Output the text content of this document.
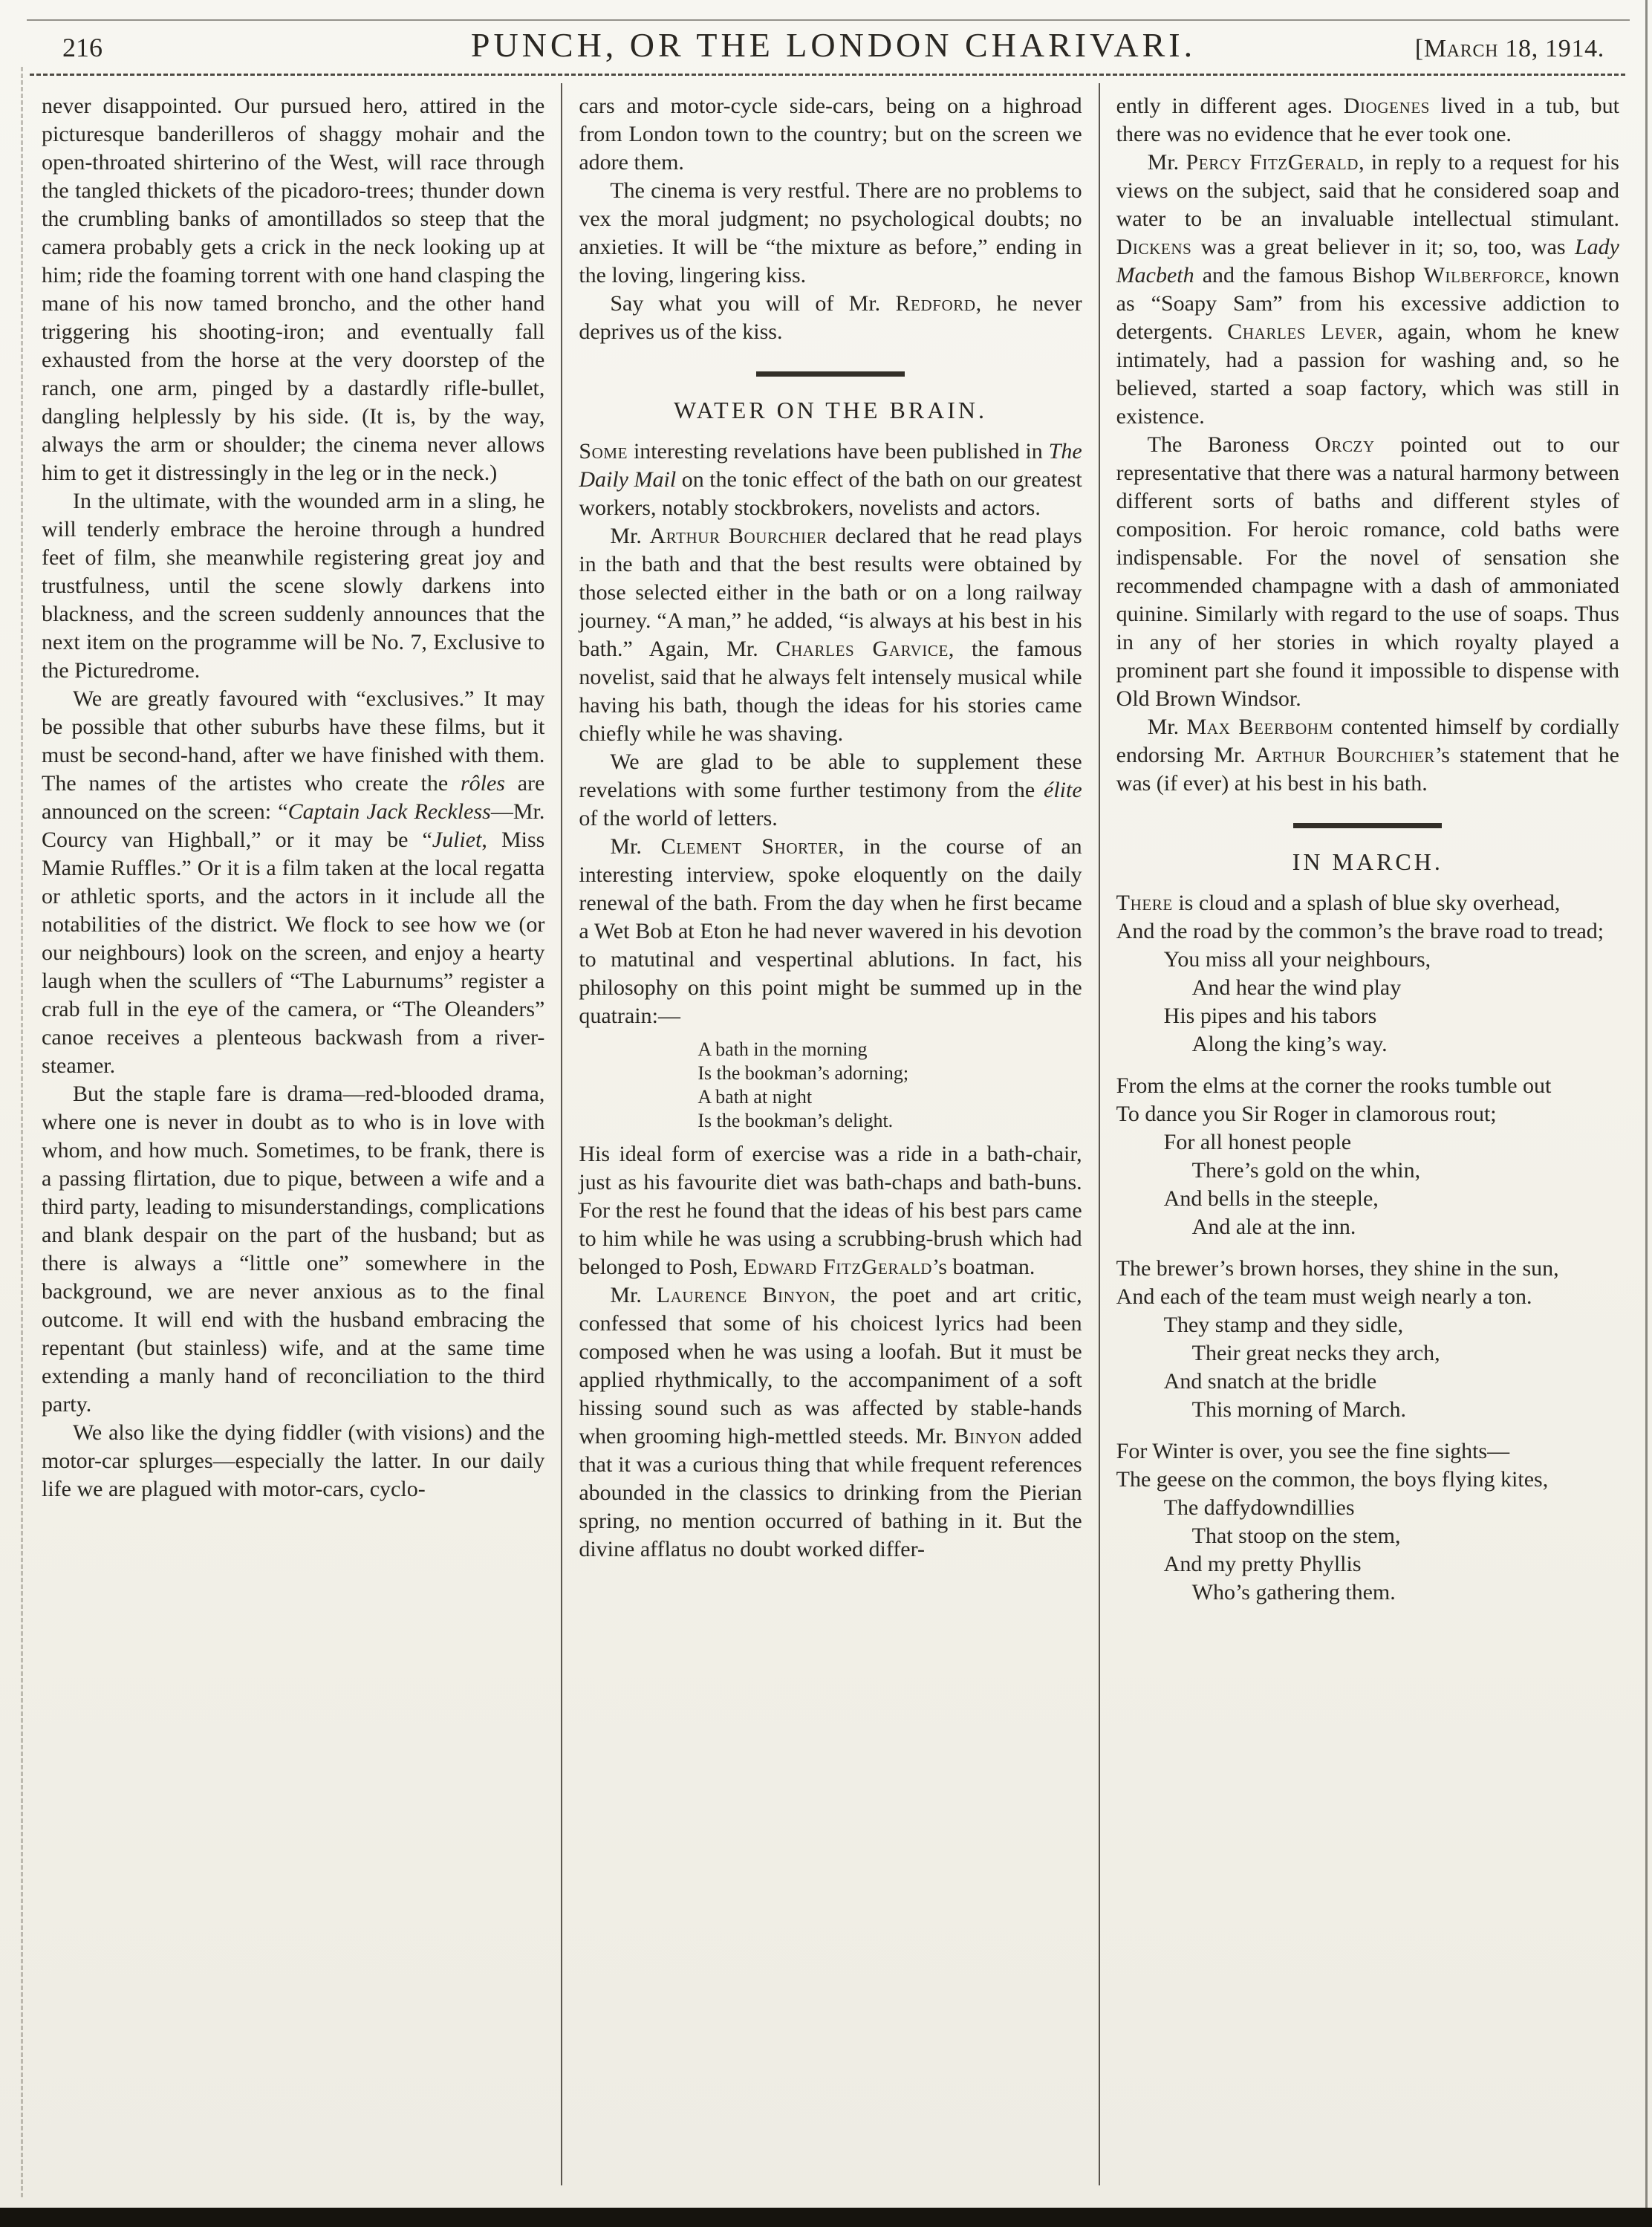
216	PUNCH, OR THE LONDON CHARIVARI.	[March 18, 1914.

never disappointed. Our pursued hero, attired in the picturesque banderilleros of shaggy mohair and the open-throated shirterino of the West, will race through the tangled thickets of the picadoro-trees; thunder down the crumbling banks of amontillados so steep that the camera probably gets a crick in the neck looking up at him; ride the foaming torrent with one hand clasping the mane of his now tamed broncho, and the other hand triggering his shooting-iron; and eventually fall exhausted from the horse at the very doorstep of the ranch, one arm, pinged by a dastardly rifle-bullet, dangling helplessly by his side. (It is, by the way, always the arm or shoulder; the cinema never allows him to get it distressingly in the leg or in the neck.)

In the ultimate, with the wounded arm in a sling, he will tenderly embrace the heroine through a hundred feet of film, she meanwhile registering great joy and trustfulness, until the scene slowly darkens into blackness, and the screen suddenly announces that the next item on the programme will be No. 7, Exclusive to the Picturedrome.

We are greatly favoured with “exclusives.” It may be possible that other suburbs have these films, but it must be second-hand, after we have finished with them. The names of the artistes who create the rôles are announced on the screen: “Captain Jack Reckless—Mr. Courcy van Highball,” or it may be “Juliet, Miss Mamie Ruffles.” Or it is a film taken at the local regatta or athletic sports, and the actors in it include all the notabilities of the district. We flock to see how we (or our neighbours) look on the screen, and enjoy a hearty laugh when the scullers of “The Laburnums” register a crab full in the eye of the camera, or “The Oleanders” canoe receives a plenteous backwash from a river-steamer.

But the staple fare is drama—red-blooded drama, where one is never in doubt as to who is in love with whom, and how much. Sometimes, to be frank, there is a passing flirtation, due to pique, between a wife and a third party, leading to misunderstandings, complications and blank despair on the part of the husband; but as there is always a “little one” somewhere in the background, we are never anxious as to the final outcome. It will end with the husband embracing the repentant (but stainless) wife, and at the same time extending a manly hand of reconciliation to the third party.

We also like the dying fiddler (with visions) and the motor-car splurges—especially the latter. In our daily life we are plagued with motor-cars, cyclo-

cars and motor-cycle side-cars, being on a highroad from London town to the country; but on the screen we adore them.

The cinema is very restful. There are no problems to vex the moral judgment; no psychological doubts; no anxieties. It will be “the mixture as before,” ending in the loving, lingering kiss.

Say what you will of Mr. Redford, he never deprives us of the kiss.

WATER ON THE BRAIN.

Some interesting revelations have been published in The Daily Mail on the tonic effect of the bath on our greatest workers, notably stockbrokers, novelists and actors.

Mr. Arthur Bourchier declared that he read plays in the bath and that the best results were obtained by those selected either in the bath or on a long railway journey. “A man,” he added, “is always at his best in his bath.” Again, Mr. Charles Garvice, the famous novelist, said that he always felt intensely musical while having his bath, though the ideas for his stories came chiefly while he was shaving.

We are glad to be able to supplement these revelations with some further testimony from the élite of the world of letters.

Mr. Clement Shorter, in the course of an interesting interview, spoke eloquently on the daily renewal of the bath. From the day when he first became a Wet Bob at Eton he had never wavered in his devotion to matutinal and vespertinal ablutions. In fact, his philosophy on this point might be summed up in the quatrain:—

A bath in the morning
Is the bookman’s adorning;
A bath at night
Is the bookman’s delight.

His ideal form of exercise was a ride in a bath-chair, just as his favourite diet was bath-chaps and bath-buns. For the rest he found that the ideas of his best pars came to him while he was using a scrubbing-brush which had belonged to Posh, Edward FitzGerald’s boatman.

Mr. Laurence Binyon, the poet and art critic, confessed that some of his choicest lyrics had been composed when he was using a loofah. But it must be applied rhythmically, to the accompaniment of a soft hissing sound such as was affected by stable-hands when grooming high-mettled steeds. Mr. Binyon added that it was a curious thing that while frequent references abounded in the classics to drinking from the Pierian spring, no mention occurred of bathing in it. But the divine afflatus no doubt worked differ-

ently in different ages. Diogenes lived in a tub, but there was no evidence that he ever took one.

Mr. Percy FitzGerald, in reply to a request for his views on the subject, said that he considered soap and water to be an invaluable intellectual stimulant. Dickens was a great believer in it; so, too, was Lady Macbeth and the famous Bishop Wilberforce, known as “Soapy Sam” from his excessive addiction to detergents. Charles Lever, again, whom he knew intimately, had a passion for washing and, so he believed, started a soap factory, which was still in existence.

The Baroness Orczy pointed out to our representative that there was a natural harmony between different sorts of baths and different styles of composition. For heroic romance, cold baths were indispensable. For the novel of sensation she recommended champagne with a dash of ammoniated quinine. Similarly with regard to the use of soaps. Thus in any of her stories in which royalty played a prominent part she found it impossible to dispense with Old Brown Windsor.

Mr. Max Beerbohm contented himself by cordially endorsing Mr. Arthur Bourchier’s statement that he was (if ever) at his best in his bath.

IN MARCH.
There is cloud and a splash of blue sky overhead,
And the road by the common’s the brave road to tread;
You miss all your neighbours,
And hear the wind play
His pipes and his tabors
Along the king’s way.
From the elms at the corner the rooks tumble out
To dance you Sir Roger in clamorous rout;
For all honest people
There’s gold on the whin,
And bells in the steeple,
And ale at the inn.
The brewer’s brown horses, they shine in the sun,
And each of the team must weigh nearly a ton.
They stamp and they sidle,
Their great necks they arch,
And snatch at the bridle
This morning of March.
For Winter is over, you see the fine sights—
The geese on the common, the boys flying kites,
The daffydowndillies
That stoop on the stem,
And my pretty Phyllis
Who’s gathering them.
